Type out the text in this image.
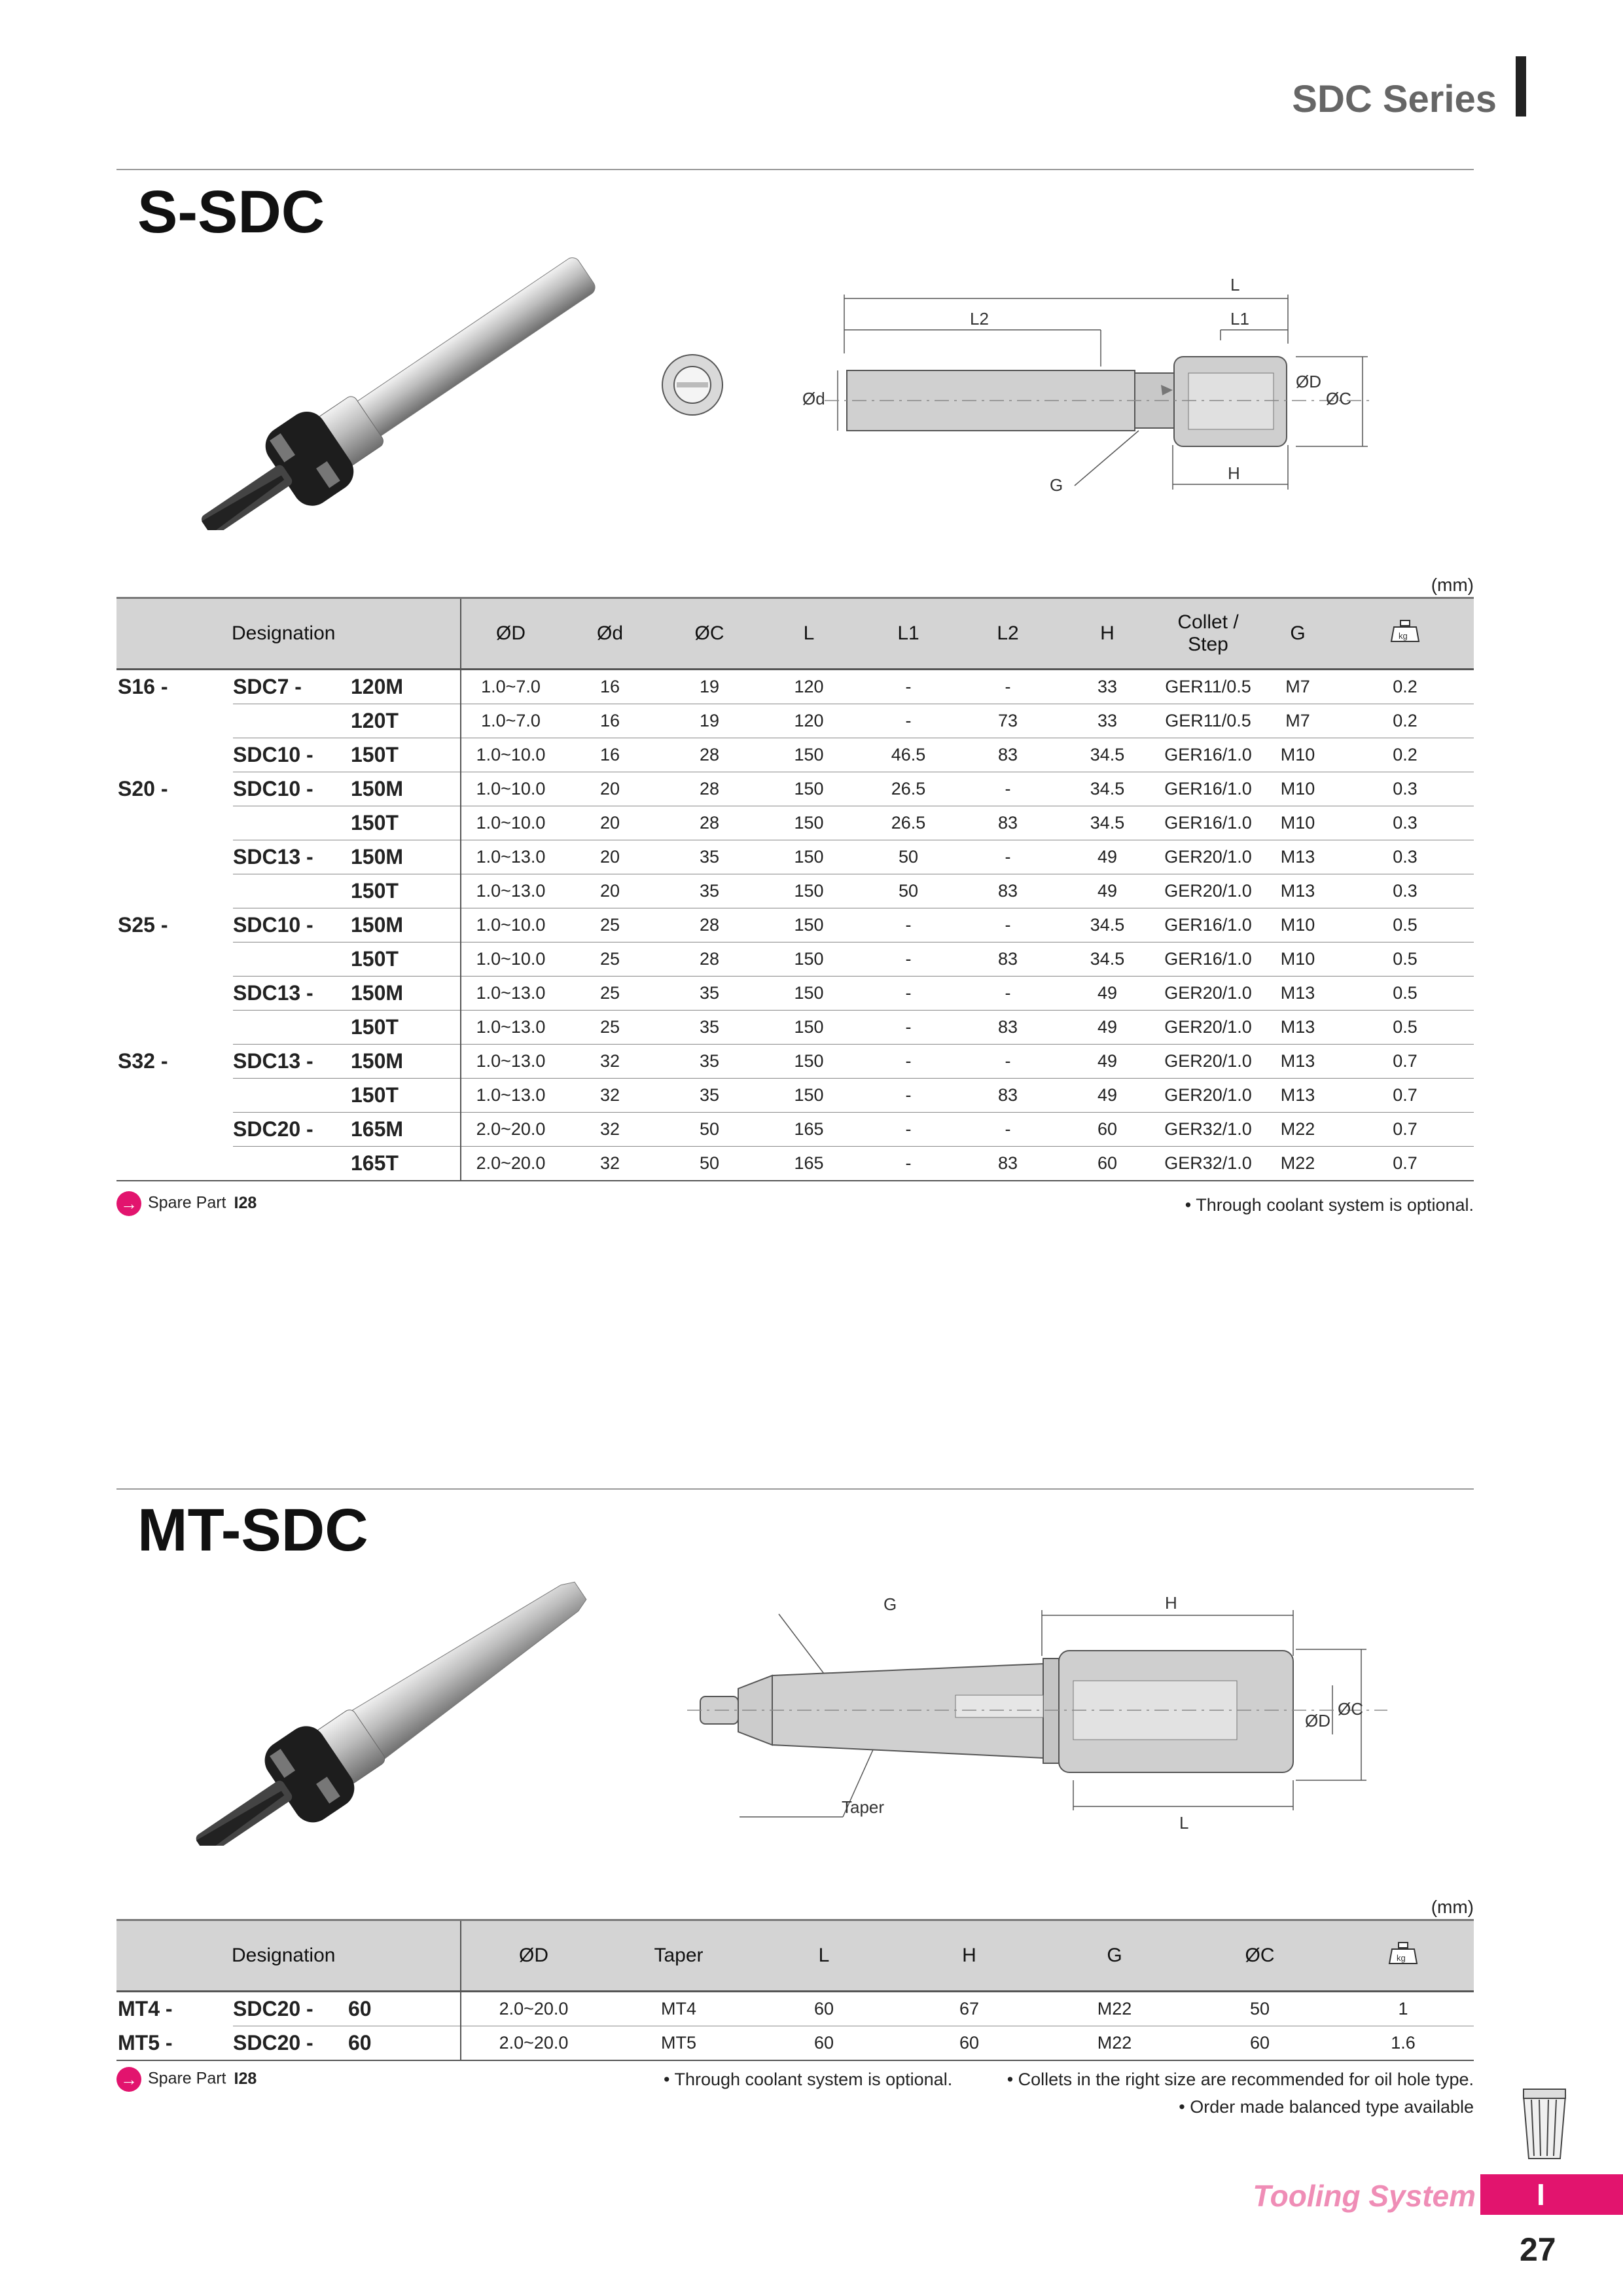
SDC Series
S-SDC
L
L2	L1
Ød
ØD
ØC
G
H
(mm)
Designation		ØD	Ød	ØC	L	L1	L2	H	Collet / Step	G	kg

S16 -	SDC7 - 120M	1.0~7.0	16	19	120	-	-	33	GER11/0.5	M7	0.2
	120T	1.0~7.0	16	19	120	-	73	33	GER11/0.5	M7	0.2
	SDC10 - 150T	1.0~10.0	16	28	150	46.5	83	34.5	GER16/1.0	M10	0.2
S20 -	SDC10 - 150M	1.0~10.0	20	28	150	26.5	-	34.5	GER16/1.0	M10	0.3
	150T	1.0~10.0	20	28	150	26.5	83	34.5	GER16/1.0	M10	0.3
	SDC13 - 150M	1.0~13.0	20	35	150	50	-	49	GER20/1.0	M13	0.3
	150T	1.0~13.0	20	35	150	50	83	49	GER20/1.0	M13	0.3
S25 -	SDC10 - 150M	1.0~10.0	25	28	150	-	-	34.5	GER16/1.0	M10	0.5
	150T	1.0~10.0	25	28	150	-	83	34.5	GER16/1.0	M10	0.5
	SDC13 - 150M	1.0~13.0	25	35	150	-	-	49	GER20/1.0	M13	0.5
	150T	1.0~13.0	25	35	150	-	83	49	GER20/1.0	M13	0.5
S32 -	SDC13 - 150M	1.0~13.0	32	35	150	-	-	49	GER20/1.0	M13	0.7
	150T	1.0~13.0	32	35	150	-	83	49	GER20/1.0	M13	0.7
	SDC20 - 165M	2.0~20.0	32	50	165	-	-	60	GER32/1.0	M22	0.7
	165T	2.0~20.0	32	50	165	-	83	60	GER32/1.0	M22	0.7
→ Spare Part I28	• Through coolant system is optional.
MT-SDC
G	H
ØD
ØC
Taper
L
(mm)
Designation		ØD	Taper	L	H	G	ØC	kg

MT4 -	SDC20 - 60	2.0~20.0	MT4	60	67	M22	50	1
MT5 -	SDC20 - 60	2.0~20.0	MT5	60	60	M22	60	1.6
→ Spare Part I28	• Through coolant system is optional.	• Collets in the right size are recommended for oil hole type.
• Order made balanced type available
Tooling System I
27
